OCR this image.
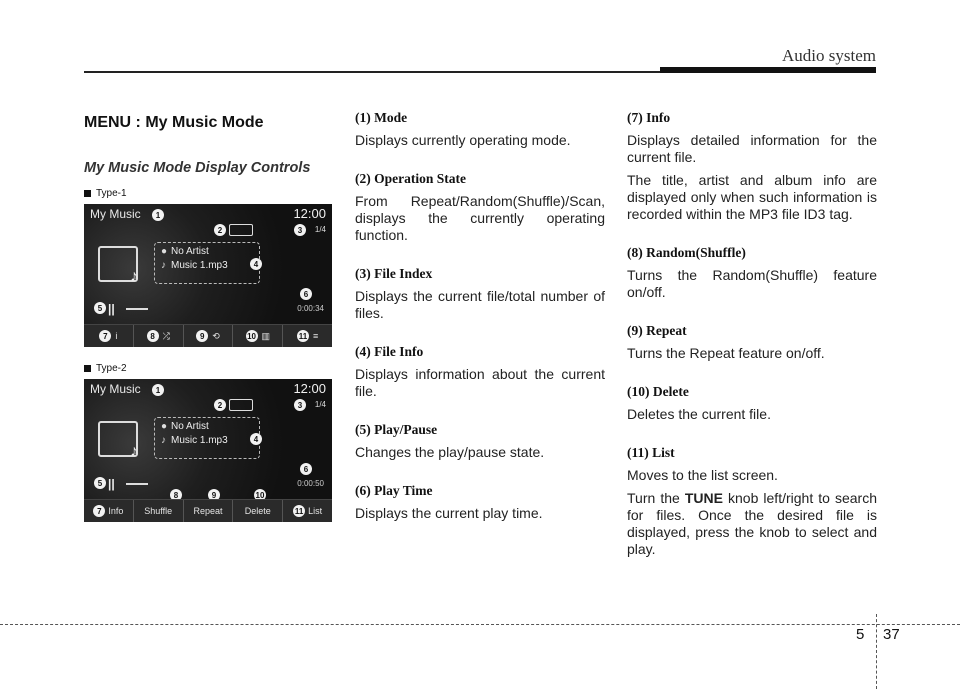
Audio system
MENU : My Music Mode
My Music Mode Display Controls
Type-1
My Music	1	12:00
2	3	1/4
♪
● No Artist
♪ Music 1.mp3	4
6
0:00:34
5 ||
7 i	8 ⤮	9 ⟲	10 ▥	11 ≡
Type-2
My Music	1	12:00
2	3	1/4
♪
● No Artist
♪ Music 1.mp3	4
6
0:00:50
5 ||
8	9	10
7 Info	Shuffle	Repeat	Delete	11 List
(1) Mode

Displays currently operating mode.

(2) Operation State

From Repeat/Random(Shuffle)/Scan, displays the currently operating function.

(3) File Index

Displays the current file/total number of files.

(4) File Info

Displays information about the current file.

(5) Play/Pause

Changes the play/pause state.

(6) Play Time

Displays the current play time.

(7) Info

Displays detailed information for the current file.

The title, artist and album info are displayed only when such information is recorded within the MP3 file ID3 tag.

(8) Random(Shuffle)

Turns the Random(Shuffle) feature on/off.

(9) Repeat

Turns the Repeat feature on/off.

(10) Delete

Deletes the current file.

(11) List

Moves to the list screen.

Turn the TUNE knob left/right to search for files. Once the desired file is displayed, press the knob to select and play.

5 37
